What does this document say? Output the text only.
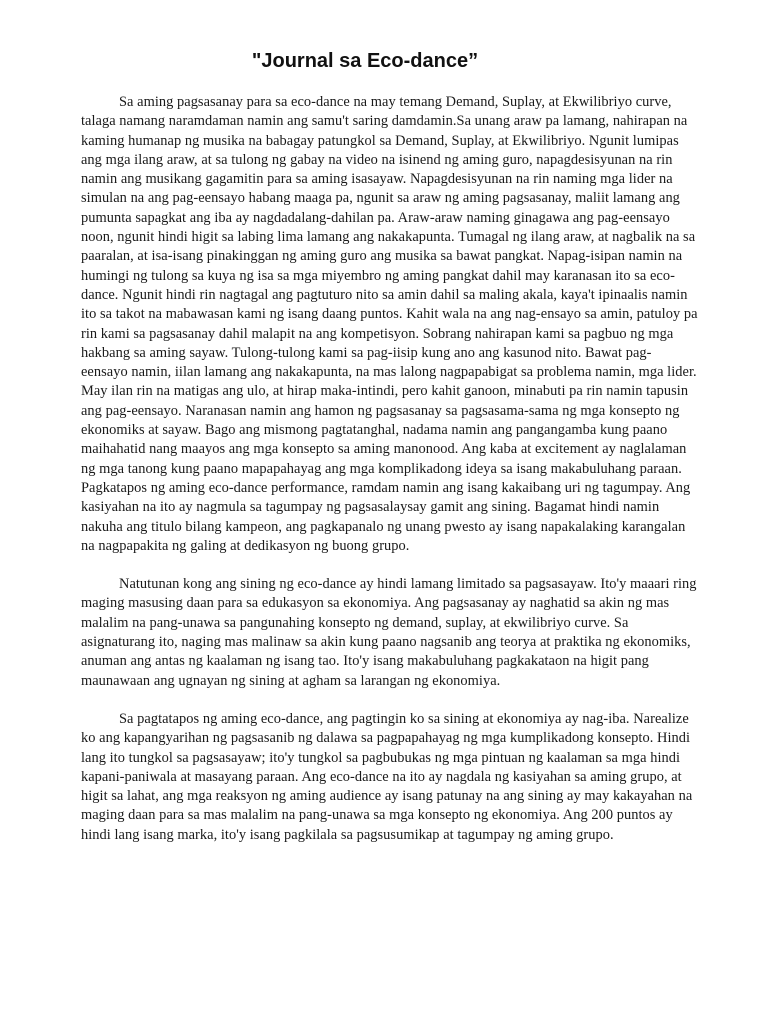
"Journal sa Eco-dance”

Sa aming pagsasanay para sa eco-dance na may temang Demand, Suplay, at Ekwilibriyo curve, talaga namang naramdaman namin ang samu't saring damdamin.Sa unang araw pa lamang, nahirapan na kaming humanap ng musika na babagay patungkol sa Demand, Suplay, at Ekwilibriyo. Ngunit lumipas ang mga ilang araw, at sa tulong ng gabay na video na isinend ng aming guro, napagdesisyunan na rin namin ang musikang gagamitin para sa aming isasayaw. Napagdesisyunan na rin naming mga lider na simulan na ang pag-eensayo habang maaga pa, ngunit sa araw ng aming pagsasanay, maliit lamang ang pumunta sapagkat ang iba ay nagdadalang-dahilan pa. Araw-araw naming ginagawa ang pag-eensayo noon, ngunit hindi higit sa labing lima lamang ang nakakapunta. Tumagal ng ilang araw, at nagbalik na sa paaralan, at isa-isang pinakinggan ng aming guro ang musika sa bawat pangkat. Napag-isipan namin na humingi ng tulong sa kuya ng isa sa mga miyembro ng aming pangkat dahil may karanasan ito sa eco-dance. Ngunit hindi rin nagtagal ang pagtuturo nito sa amin dahil sa maling akala, kaya't ipinaalis namin ito sa takot na mabawasan kami ng isang daang puntos. Kahit wala na ang nag-ensayo sa amin, patuloy pa rin kami sa pagsasanay dahil malapit na ang kompetisyon. Sobrang nahirapan kami sa pagbuo ng mga hakbang sa aming sayaw. Tulong-tulong kami sa pag-iisip kung ano ang kasunod nito. Bawat pag-eensayo namin, iilan lamang ang nakakapunta, na mas lalong nagpapabigat sa problema namin, mga lider. May ilan rin na matigas ang ulo, at hirap maka-intindi, pero kahit ganoon, minabuti pa rin namin tapusin ang pag-eensayo. Naranasan namin ang hamon ng pagsasanay sa pagsasama-sama ng mga konsepto ng ekonomiks at sayaw. Bago ang mismong pagtatanghal, nadama namin ang pangangamba kung paano maihahatid nang maayos ang mga konsepto sa aming manonood. Ang kaba at excitement ay naglalaman ng mga tanong kung paano mapapahayag ang mga komplikadong ideya sa isang makabuluhang paraan. Pagkatapos ng aming eco-dance performance, ramdam namin ang isang kakaibang uri ng tagumpay. Ang kasiyahan na ito ay nagmula sa tagumpay ng pagsasalaysay gamit ang sining. Bagamat hindi namin nakuha ang titulo bilang kampeon, ang pagkapanalo ng unang pwesto ay isang napakalaking karangalan na nagpapakita ng galing at dedikasyon ng buong grupo.

Natutunan kong ang sining ng eco-dance ay hindi lamang limitado sa pagsasayaw. Ito'y maaari ring maging masusing daan para sa edukasyon sa ekonomiya. Ang pagsasanay ay naghatid sa akin ng mas malalim na pang-unawa sa pangunahing konsepto ng demand, suplay, at ekwilibriyo curve. Sa asignaturang ito, naging mas malinaw sa akin kung paano nagsanib ang teorya at praktika ng ekonomiks, anuman ang antas ng kaalaman ng isang tao. Ito'y isang makabuluhang pagkakataon na higit pang maunawaan ang ugnayan ng sining at agham sa larangan ng ekonomiya.

Sa pagtatapos ng aming eco-dance, ang pagtingin ko sa sining at ekonomiya ay nag-iba. Narealize ko ang kapangyarihan ng pagsasanib ng dalawa sa pagpapahayag ng mga kumplikadong konsepto. Hindi lang ito tungkol sa pagsasayaw; ito'y tungkol sa pagbubukas ng mga pintuan ng kaalaman sa mga hindi kapani-paniwala at masayang paraan. Ang eco-dance na ito ay nagdala ng kasiyahan sa aming grupo, at higit sa lahat, ang mga reaksyon ng aming audience ay isang patunay na ang sining ay may kakayahan na maging daan para sa mas malalim na pang-unawa sa mga konsepto ng ekonomiya. Ang 200 puntos ay hindi lang isang marka, ito'y isang pagkilala sa pagsusumikap at tagumpay ng aming grupo.
